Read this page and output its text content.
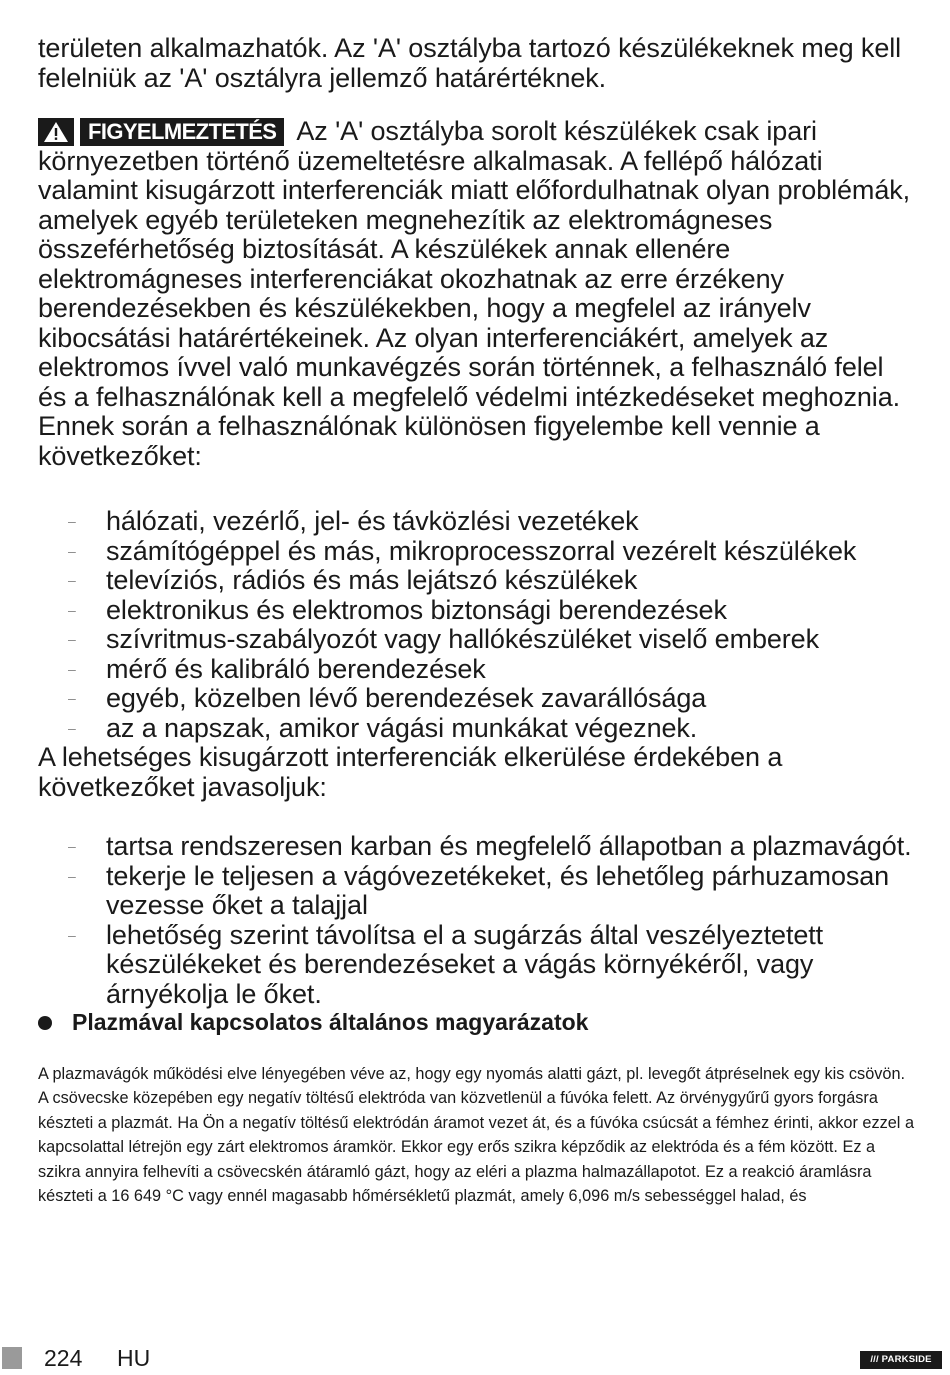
területen alkalmazhatók. Az 'A' osztályba tartozó készülékeknek meg kell felelniük az 'A' osztályra jellemző határértéknek.

FIGYELMEZTETÉS Az 'A' osztályba sorolt készülékek csak ipari környezetben történő üzemeltetésre alkalmasak. A fellépő hálózati valamint kisugárzott interferenciák miatt előfordulhatnak olyan problémák, amelyek egyéb területeken megnehezítik az elektromágneses összeférhetőség biztosítását. A készülékek annak ellenére elektromágneses interferenciákat okozhatnak az erre érzékeny berendezésekben és készülékekben, hogy a megfelel az irányelv kibocsátási határértékeinek. Az olyan interferenciákért, amelyek az elektromos ívvel való munkavégzés során történnek, a felhasználó felel és a felhasználónak kell a megfelelő védelmi intézkedéseket meghoznia. Ennek során a felhasználónak különösen figyelembe kell vennie a következőket:

– hálózati, vezérlő, jel- és távközlési vezetékek
– számítógéppel és más, mikroprocesszorral vezérelt készülékek
– televíziós, rádiós és más lejátszó készülékek
– elektronikus és elektromos biztonsági berendezések
– szívritmus-szabályozót vagy hallókészüléket viselő emberek
– mérő és kalibráló berendezések
– egyéb, közelben lévő berendezések zavarállósága
– az a napszak, amikor vágási munkákat végeznek.

A lehetséges kisugárzott interferenciák elkerülése érdekében a következőket javasoljuk:

– tartsa rendszeresen karban és megfelelő állapotban a plazmavágót.
– tekerje le teljesen a vágóvezetékeket, és lehetőleg párhuzamosan vezesse őket a talajjal
– lehetőség szerint távolítsa el a sugárzás által veszélyeztetett készülékeket és berendezéseket a vágás környékéről, vagy árnyékolja le őket.
Plazmával kapcsolatos általános magyarázatok

A plazmavágók működési elve lényegében véve az, hogy egy nyomás alatti gázt, pl. levegőt átpréselnek egy kis csövön. A csövecske közepében egy negatív töltésű elektróda van közvetlenül a fúvóka felett. Az örvénygyűrű gyors forgásra készteti a plazmát. Ha Ön a negatív töltésű elektródán áramot vezet át, és a fúvóka csúcsát a fémhez érinti, akkor ezzel a kapcsolattal létrejön egy zárt elektromos áramkör. Ekkor egy erős szikra képződik az elektróda és a fém között. Ez a szikra annyira felhevíti a csövecskén átáramló gázt, hogy az eléri a plazma halmazállapotot. Ez a reakció áramlásra készteti a 16 649 °C vagy ennél magasabb hőmérsékletű plazmát, amely 6,096 m/s sebességgel halad, és

224 HU	/// PARKSIDE
